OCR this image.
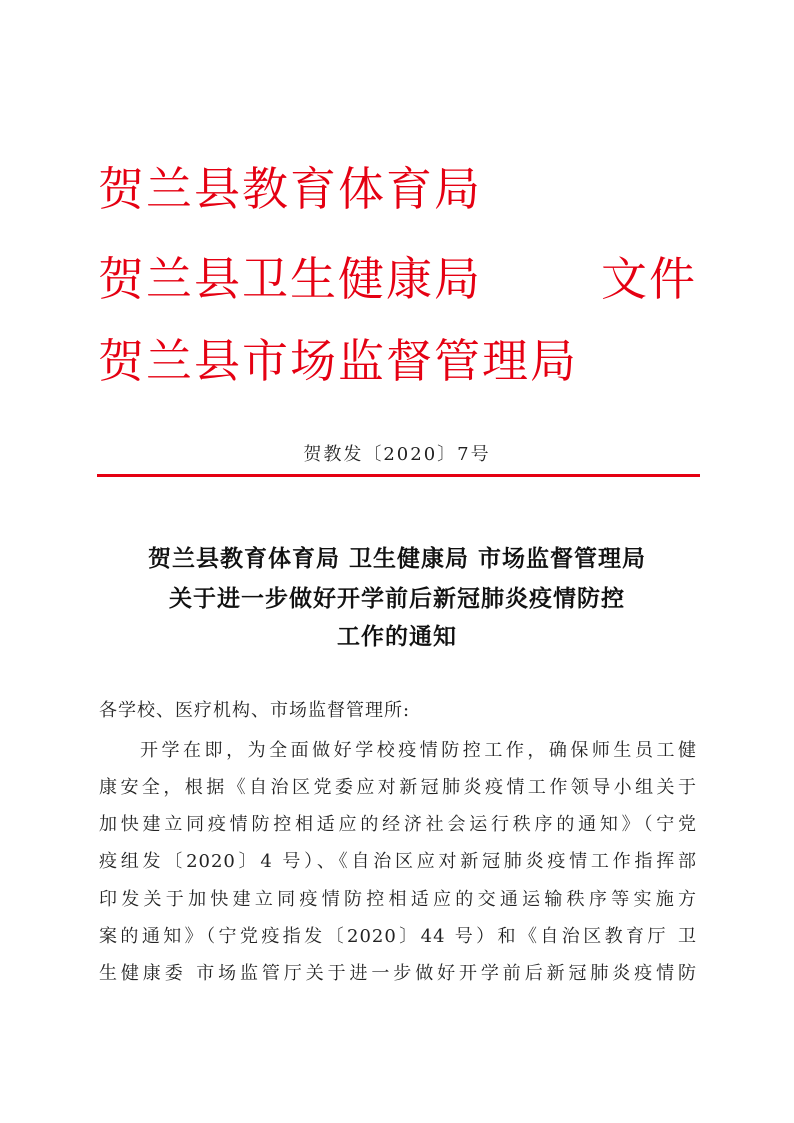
贺兰县教育体育局
贺兰县卫生健康局	文件
贺兰县市场监督管理局
贺教发〔2020〕7号
贺兰县教育体育局 卫生健康局 市场监督管理局
关于进一步做好开学前后新冠肺炎疫情防控
工作的通知
各学校、医疗机构、市场监督管理所:
开学在即，为全面做好学校疫情防控工作，确保师生员工健
康安全，根据《自治区党委应对新冠肺炎疫情工作领导小组关于
加快建立同疫情防控相适应的经济社会运行秩序的通知》（宁党
疫组发〔2020〕4 号）、《自治区应对新冠肺炎疫情工作指挥部
印发关于加快建立同疫情防控相适应的交通运输秩序等实施方
案的通知》（宁党疫指发〔2020〕44 号）和《自治区教育厅 卫
生健康委 市场监管厅关于进一步做好开学前后新冠肺炎疫情防
